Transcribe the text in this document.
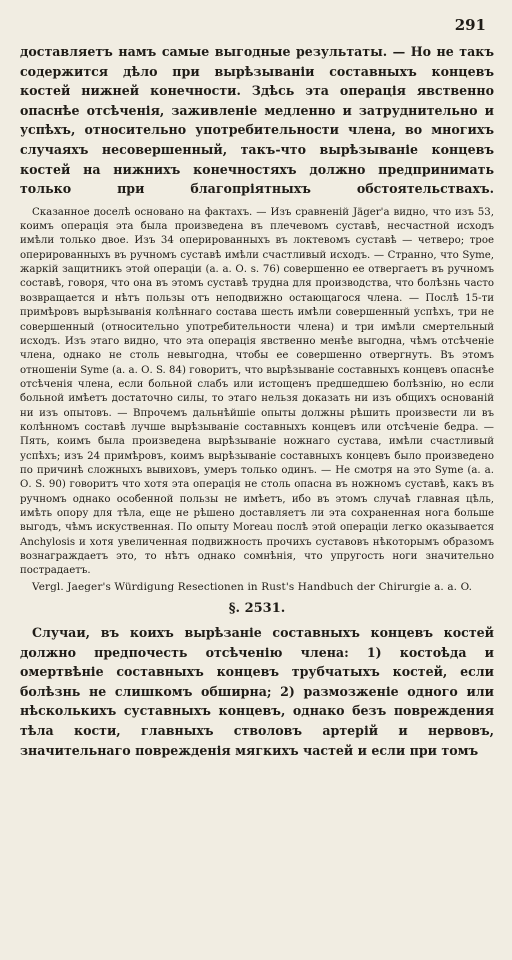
291
доставляетъ намъ самые выгодные результаты. — Но не такъ содержится дѣло при вырѣзываніи составныхъ концевъ костей нижней конечности. Здѣсь эта операція явственно опаснѣе отсѣченія, заживленіе медленно и затруднительно и успѣхъ, относительно употребительности члена, во многихъ случаяхъ несовершенный, такъ-что вырѣзываніе концевъ костей на нижнихъ конечностяхъ должно предпринимать только при благопріятныхъ обстоятельствахъ.
Сказанное доселѣ основано на фактахъ. — Изъ сравненій Jäger'а видно, что изъ 53, коимъ операція эта была произведена въ плечевомъ суставѣ, несчастной исходъ имѣли только двое. Изъ 34 оперированныхъ въ локтевомъ суставѣ — четверо; трое оперированныхъ въ ручномъ суставѣ имѣли счастливый исходъ. — Странно, что Syme, жаркій защитникъ этой операціи (а. а. О. s. 76) совершенно ее отвергаетъ въ ручномъ составѣ, говоря, что она въ этомъ суставѣ трудна для производства, что болѣзнь часто возвращается и нѣтъ пользы отъ неподвижно остающагося члена. — Послѣ 15-ти примѣровъ вырѣзыванія колѣннаго состава шесть имѣли совершенный успѣхъ, три не совершенный (относительно употребительности члена) и три имѣли смертельный исходъ. Изъ этаго видно, что эта операція явственно менѣе выгодна, чѣмъ отсѣченіе члена, однако не столь невыгодна, чтобы ее совершенно отвергнуть. Въ этомъ отношеніи Syme (а. а. О. S. 84) говоритъ, что вырѣзываніе составныхъ концевъ опаснѣе отсѣченія члена, если больной слабъ или истощенъ предшедшею болѣзнію, но если больной имѣетъ достаточно силы, то этаго нельзя доказать ни изъ общихъ основаній ни изъ опытовъ. — Впрочемъ дальнѣйшіе опыты должны рѣшить произвести ли въ колѣнномъ составѣ лучше вырѣзываніе составныхъ концевъ или отсѣченіе бедра. — Пять, коимъ была произведена вырѣзываніе ножнаго сустава, имѣли счастливый успѣхъ; изъ 24 примѣровъ, коимъ вырѣзываніе составныхъ концевъ было произведено по причинѣ сложныхъ вывиховъ, умеръ только одинъ. — Не смотря на это Syme (а. а. О. S. 90) говоритъ что хотя эта операція не столь опасна въ ножномъ суставѣ, какъ въ ручномъ однако особенной пользы не имѣетъ, ибо въ этомъ случаѣ главная цѣль, имѣть опору для тѣла, еще не рѣшено доставляетъ ли эта сохраненная нога больше выгодъ, чѣмъ искуственная. По опыту Moreau послѣ этой операціи легко оказывается Anchylosis и хотя увеличенная подвижность прочихъ суставовъ нѣкоторымъ образомъ вознаграждаетъ это, то нѣтъ однако сомнѣнія, что упругость ноги значительно пострадаетъ.
Vergl. Jaeger's Würdigung Resectionen in Rust's Handbuch der Chirurgie a. a. O.
§. 2531.
Случаи, въ коихъ вырѣзаніе составныхъ концевъ костей должно предпочесть отсѣченію члена: 1) костоѣда и омертвѣніе составныхъ концевъ трубчатыхъ костей, если болѣзнь не слишкомъ обширна; 2) размозженіе одного или нѣсколькихъ суставныхъ концевъ, однако безъ повреждения тѣла кости, главныхъ стволовъ артерій и нервовъ, значительнаго поврежденія мягкихъ частей и если при томъ
